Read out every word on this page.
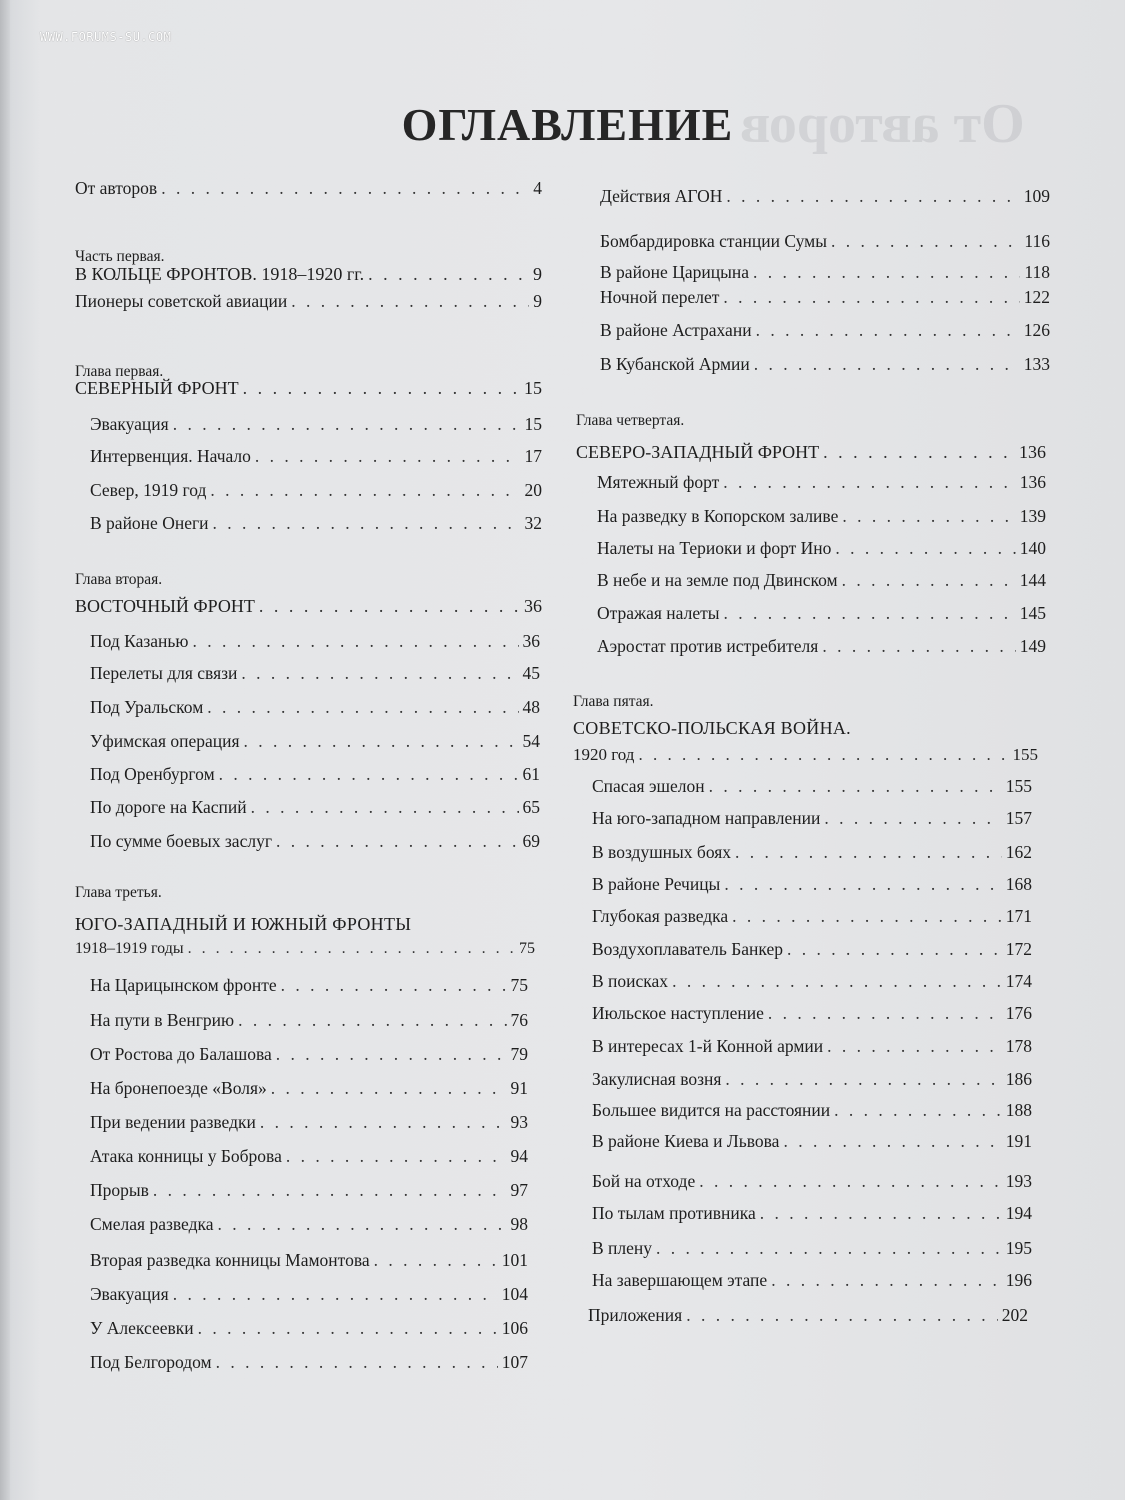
WWW.FORUMS-SU.COM
От авторов
ОГЛАВЛЕНИЕ
От авторов . . .	4
Часть первая.
В КОЛЬЦЕ ФРОНТОВ. 1918–1920 гг. . . .	9
Пионеры советской авиации . . .	9
Глава первая.
СЕВЕРНЫЙ ФРОНТ . . .	15
Эвакуация . . .	15
Интервенция. Начало . . .	17
Север, 1919 год . . .	20
В районе Онеги . . .	32
Глава вторая.
ВОСТОЧНЫЙ ФРОНТ . . .	36
Под Казанью . . .	36
Перелеты для связи . . .	45
Под Уральском . . .	48
Уфимская операция . . .	54
Под Оренбургом . . .	61
По дороге на Каспий . . .	65
По сумме боевых заслуг . . .	69
Глава третья.
ЮГО-ЗАПАДНЫЙ И ЮЖНЫЙ ФРОНТЫ
1918–1919 годы . . .	75
На Царицынском фронте . . .	75
На пути в Венгрию . . .	76
От Ростова до Балашова . . .	79
На бронепоезде «Воля» . . .	91
При ведении разведки . . .	93
Атака конницы у Боброва . . .	94
Прорыв . . .	97
Смелая разведка . . .	98
Вторая разведка конницы Мамонтова . . .	101
Эвакуация . . .	104
У Алексеевки . . .	106
Под Белгородом . . .	107
Действия АГОН . . .	109
Бомбардировка станции Сумы . . .	116
В районе Царицына . . .	118
Ночной перелет . . .	122
В районе Астрахани . . .	126
В Кубанской Армии . . .	133
Глава четвертая.
СЕВЕРО-ЗАПАДНЫЙ ФРОНТ . . .	136
Мятежный форт . . .	136
На разведку в Копорском заливе . . .	139
Налеты на Териоки и форт Ино . . .	140
В небе и на земле под Двинском . . .	144
Отражая налеты . . .	145
Аэростат против истребителя . . .	149
Глава пятая.
СОВЕТСКО-ПОЛЬСКАЯ ВОЙНА.
1920 год . . .	155
Спасая эшелон . . .	155
На юго-западном направлении . . .	157
В воздушных боях . . .	162
В районе Речицы . . .	168
Глубокая разведка . . .	171
Воздухоплаватель Банкер . . .	172
В поисках . . .	174
Июльское наступление . . .	176
В интересах 1-й Конной армии . . .	178
Закулисная возня . . .	186
Большее видится на расстоянии . . .	188
В районе Киева и Львова . . .	191
Бой на отходе . . .	193
По тылам противника . . .	194
В плену . . .	195
На завершающем этапе . . .	196
Приложения . . .	202
